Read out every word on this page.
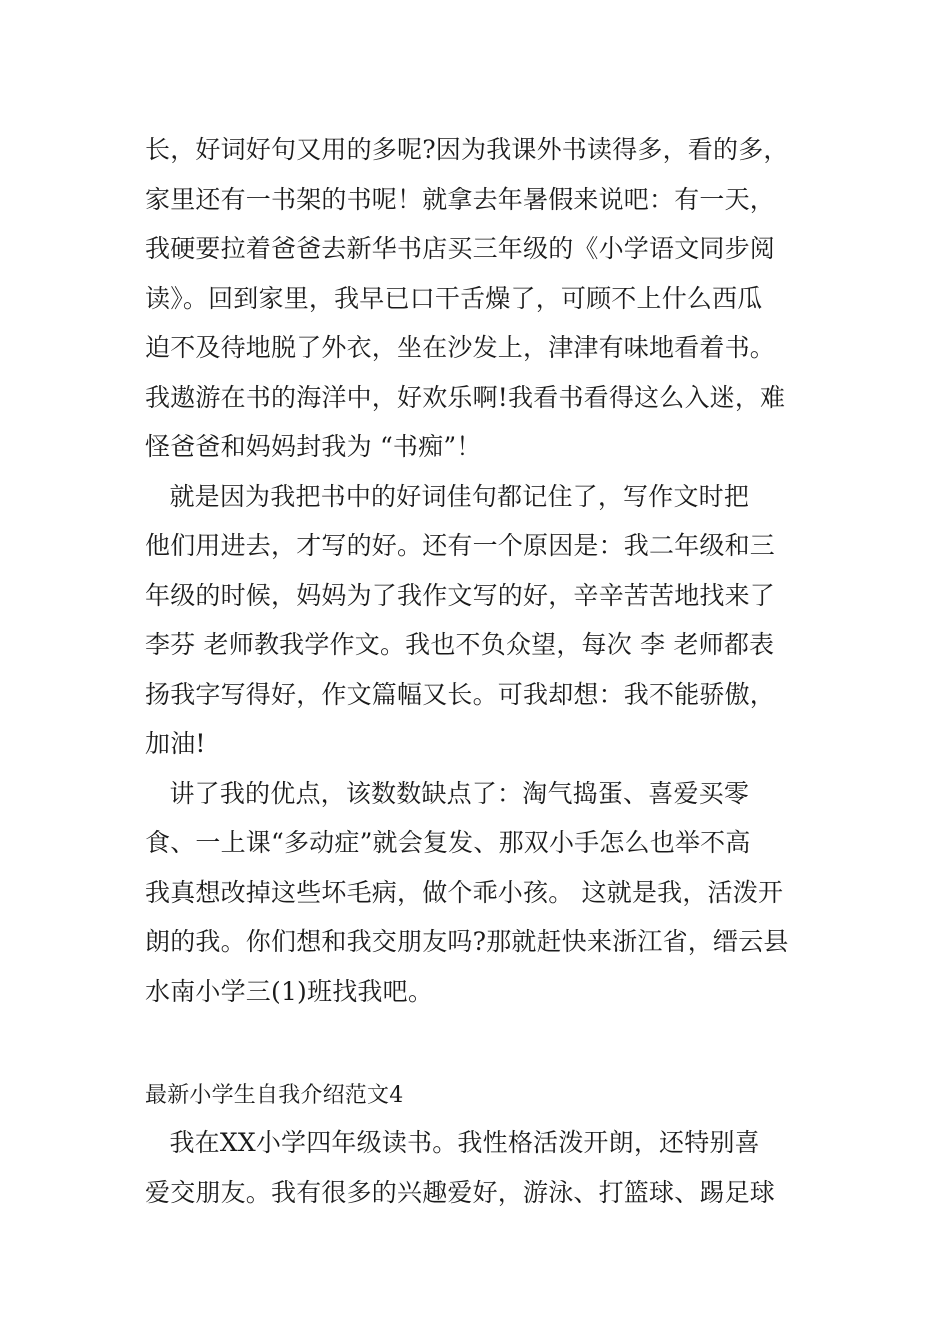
长，好词好句又用的多呢?因为我课外书读得多，看的多，
家里还有一书架的书呢！就拿去年暑假来说吧：有一天，
我硬要拉着爸爸去新华书店买三年级的《小学语文同步阅
读》。回到家里，我早已口干舌燥了，可顾不上什么西瓜
迫不及待地脱了外衣，坐在沙发上，津津有味地看着书。
我遨游在书的海洋中，好欢乐啊!我看书看得这么入迷，难
怪爸爸和妈妈封我为 “书痴”！
就是因为我把书中的好词佳句都记住了，写作文时把
他们用进去，才写的好。还有一个原因是：我二年级和三
年级的时候，妈妈为了我作文写的好，辛辛苦苦地找来了
李芬 老师教我学作文。我也不负众望，每次 李 老师都表
扬我字写得好，作文篇幅又长。可我却想：我不能骄傲，
加油!
讲了我的优点，该数数缺点了：淘气捣蛋、喜爱买零
食、一上课“多动症”就会复发、那双小手怎么也举不高
我真想改掉这些坏毛病，做个乖小孩。 这就是我，活泼开
朗的我。你们想和我交朋友吗?那就赶快来浙江省，缙云县
水南小学三(1)班找我吧。
最新小学生自我介绍范文4
我在XX小学四年级读书。我性格活泼开朗，还特别喜
爱交朋友。我有很多的兴趣爱好，游泳、打篮球、踢足球
